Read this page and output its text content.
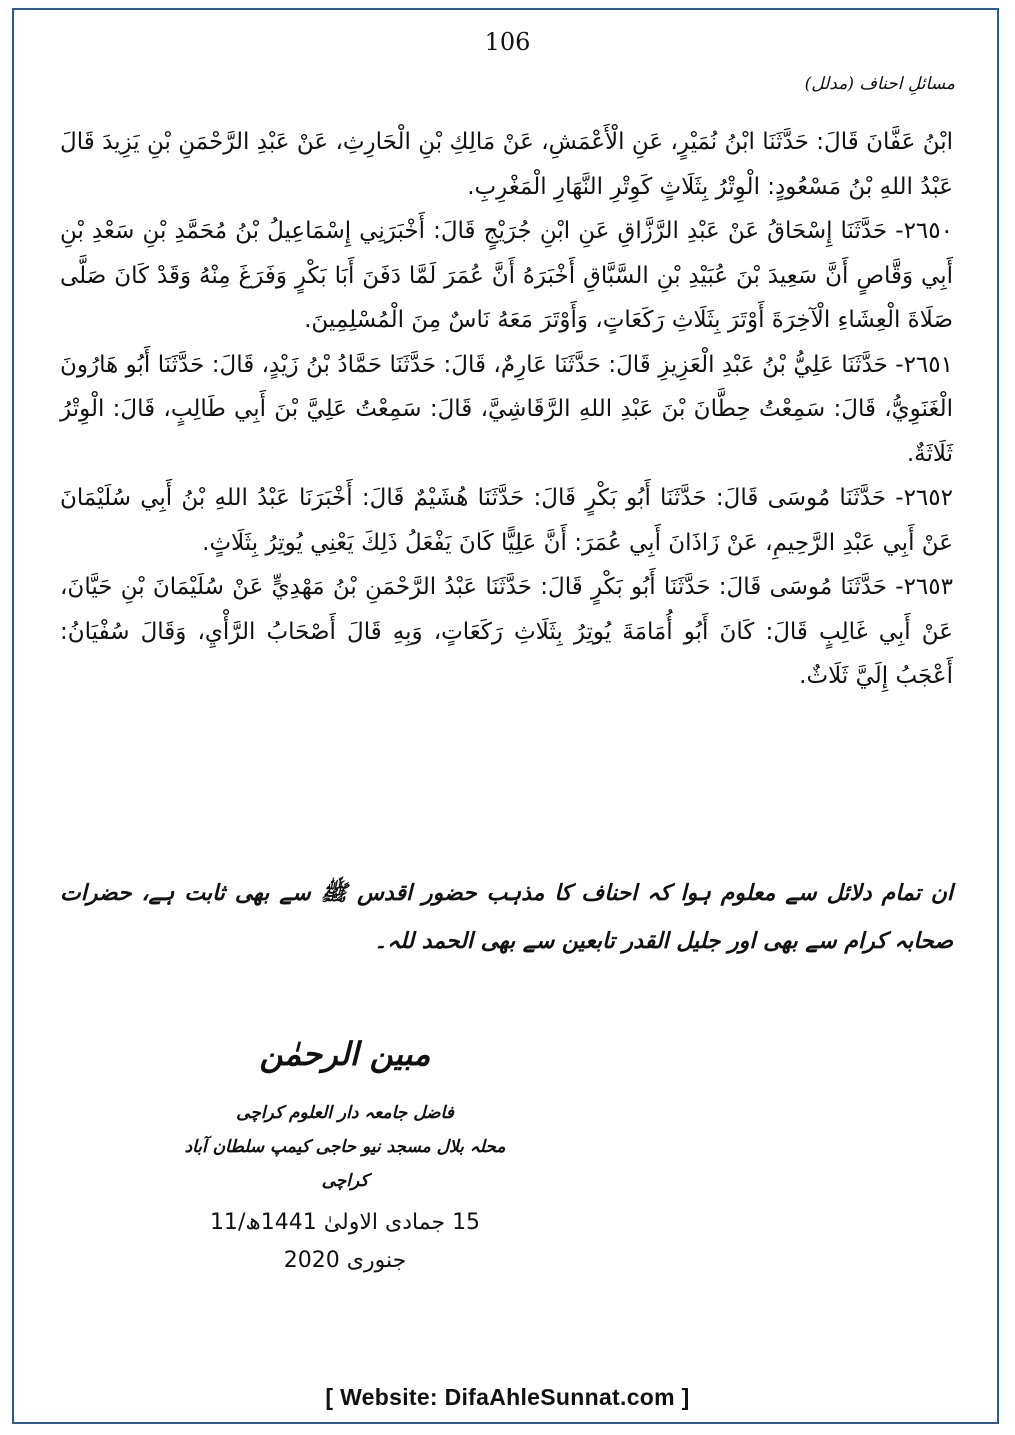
106
مسائلِ احناف (مدلل)

ابْنُ عَفَّانَ قَالَ: حَدَّثَنَا ابْنُ نُمَيْرٍ، عَنِ الْأَعْمَشِ، عَنْ مَالِكِ بْنِ الْحَارِثِ، عَنْ عَبْدِ الرَّحْمَنِ بْنِ يَزِيدَ قَالَ عَبْدُ اللهِ بْنُ مَسْعُودٍ: الْوِتْرُ بِثَلَاثٍ كَوِتْرِ النَّهَارِ الْمَغْرِبِ.

٢٦٥٠- حَدَّثَنَا إِسْحَاقُ عَنْ عَبْدِ الرَّزَّاقِ عَنِ ابْنِ جُرَيْجٍ قَالَ: أَخْبَرَنِي إِسْمَاعِيلُ بْنُ مُحَمَّدِ بْنِ سَعْدِ بْنِ أَبِي وَقَّاصٍ أَنَّ سَعِيدَ بْنَ عُبَيْدِ بْنِ السَّبَّاقِ أَخْبَرَهُ أَنَّ عُمَرَ لَمَّا دَفَنَ أَبَا بَكْرٍ وَفَرَغَ مِنْهُ وَقَدْ كَانَ صَلَّى صَلَاةَ الْعِشَاءِ الْآخِرَةَ أَوْتَرَ بِثَلَاثِ رَكَعَاتٍ، وَأَوْتَرَ مَعَهُ نَاسٌ مِنَ الْمُسْلِمِينَ.

٢٦٥١- حَدَّثَنَا عَلِيُّ بْنُ عَبْدِ الْعَزِيزِ قَالَ: حَدَّثَنَا عَارِمٌ، قَالَ: حَدَّثَنَا حَمَّادُ بْنُ زَيْدٍ، قَالَ: حَدَّثَنَا أَبُو هَارُونَ الْغَنَوِيُّ، قَالَ: سَمِعْتُ حِطَّانَ بْنَ عَبْدِ اللهِ الرَّقَاشِيَّ، قَالَ: سَمِعْتُ عَلِيَّ بْنَ أَبِي طَالِبٍ، قَالَ: الْوِتْرُ ثَلَاثَةٌ.

٢٦٥٢- حَدَّثَنَا مُوسَى قَالَ: حَدَّثَنَا أَبُو بَكْرٍ قَالَ: حَدَّثَنَا هُشَيْمٌ قَالَ: أَخْبَرَنَا عَبْدُ اللهِ بْنُ أَبِي سُلَيْمَانَ عَنْ أَبِي عَبْدِ الرَّحِيمِ، عَنْ زَاذَانَ أَبِي عُمَرَ: أَنَّ عَلِيًّا كَانَ يَفْعَلُ ذَلِكَ يَعْنِي يُوتِرُ بِثَلَاثٍ.

٢٦٥٣- حَدَّثَنَا مُوسَى قَالَ: حَدَّثَنَا أَبُو بَكْرٍ قَالَ: حَدَّثَنَا عَبْدُ الرَّحْمَنِ بْنُ مَهْدِيٍّ عَنْ سُلَيْمَانَ بْنِ حَيَّانَ، عَنْ أَبِي غَالِبٍ قَالَ: كَانَ أَبُو أُمَامَةَ يُوتِرُ بِثَلَاثِ رَكَعَاتٍ، وَبِهِ قَالَ أَصْحَابُ الرَّأْيِ، وَقَالَ سُفْيَانُ: أَعْجَبُ إِلَيَّ ثَلَاثٌ.

ان تمام دلائل سے معلوم ہوا کہ احناف کا مذہب حضور اقدس ﷺ سے بھی ثابت ہے، حضرات صحابہ کرام سے بھی اور جلیل القدر تابعین سے بھی الحمد للہ۔
مبین الرحمٰن
فاضل جامعہ دار العلوم کراچی
محلہ بلال مسجد نیو حاجی کیمپ سلطان آباد کراچی
15 جمادی الاولیٰ 1441ھ/11 جنوری 2020
[ Website: DifaAhleSunnat.com ]
